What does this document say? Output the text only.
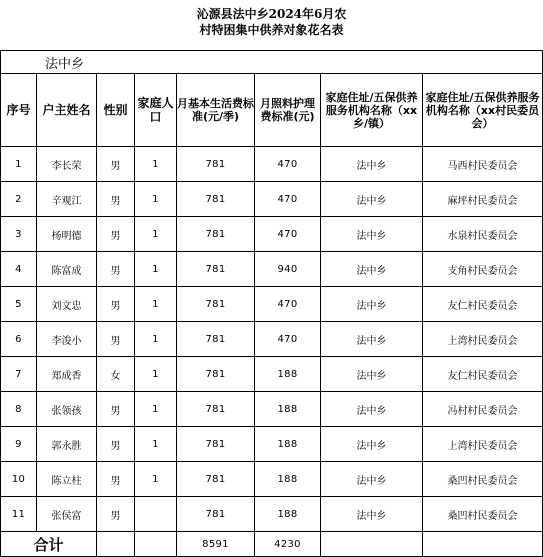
沁源县法中乡2024年6月农
村特困集中供养对象花名表
法中乡							
序号	户主姓名	性别	家庭人口	月基本生活费标准(元/季)	月照料护理费标准(元)	家庭住址/五保供养服务机构名称（xx乡/镇）	家庭住址/五保供养服务机构名称（xx村民委员会）
1	李长荣	男	1	781	470	法中乡	马西村民委员会
2	辛观江	男	1	781	470	法中乡	麻坪村民委员会
3	杨明德	男	1	781	470	法中乡	水泉村民委员会
4	陈富成	男	1	781	940	法中乡	支角村民委员会
5	刘文忠	男	1	781	470	法中乡	友仁村民委员会
6	李浚小	男	1	781	470	法中乡	上湾村民委员会
7	郑成香	女	1	781	188	法中乡	友仁村民委员会
8	张领孩	男	1	781	188	法中乡	冯村村民委员会
9	郭永胜	男	1	781	188	法中乡	上湾村民委员会
10	陈立柱	男	1	781	188	法中乡	桑凹村民委员会
11	张侯富	男		781	188	法中乡	桑凹村民委员会
合计				8591	4230		
